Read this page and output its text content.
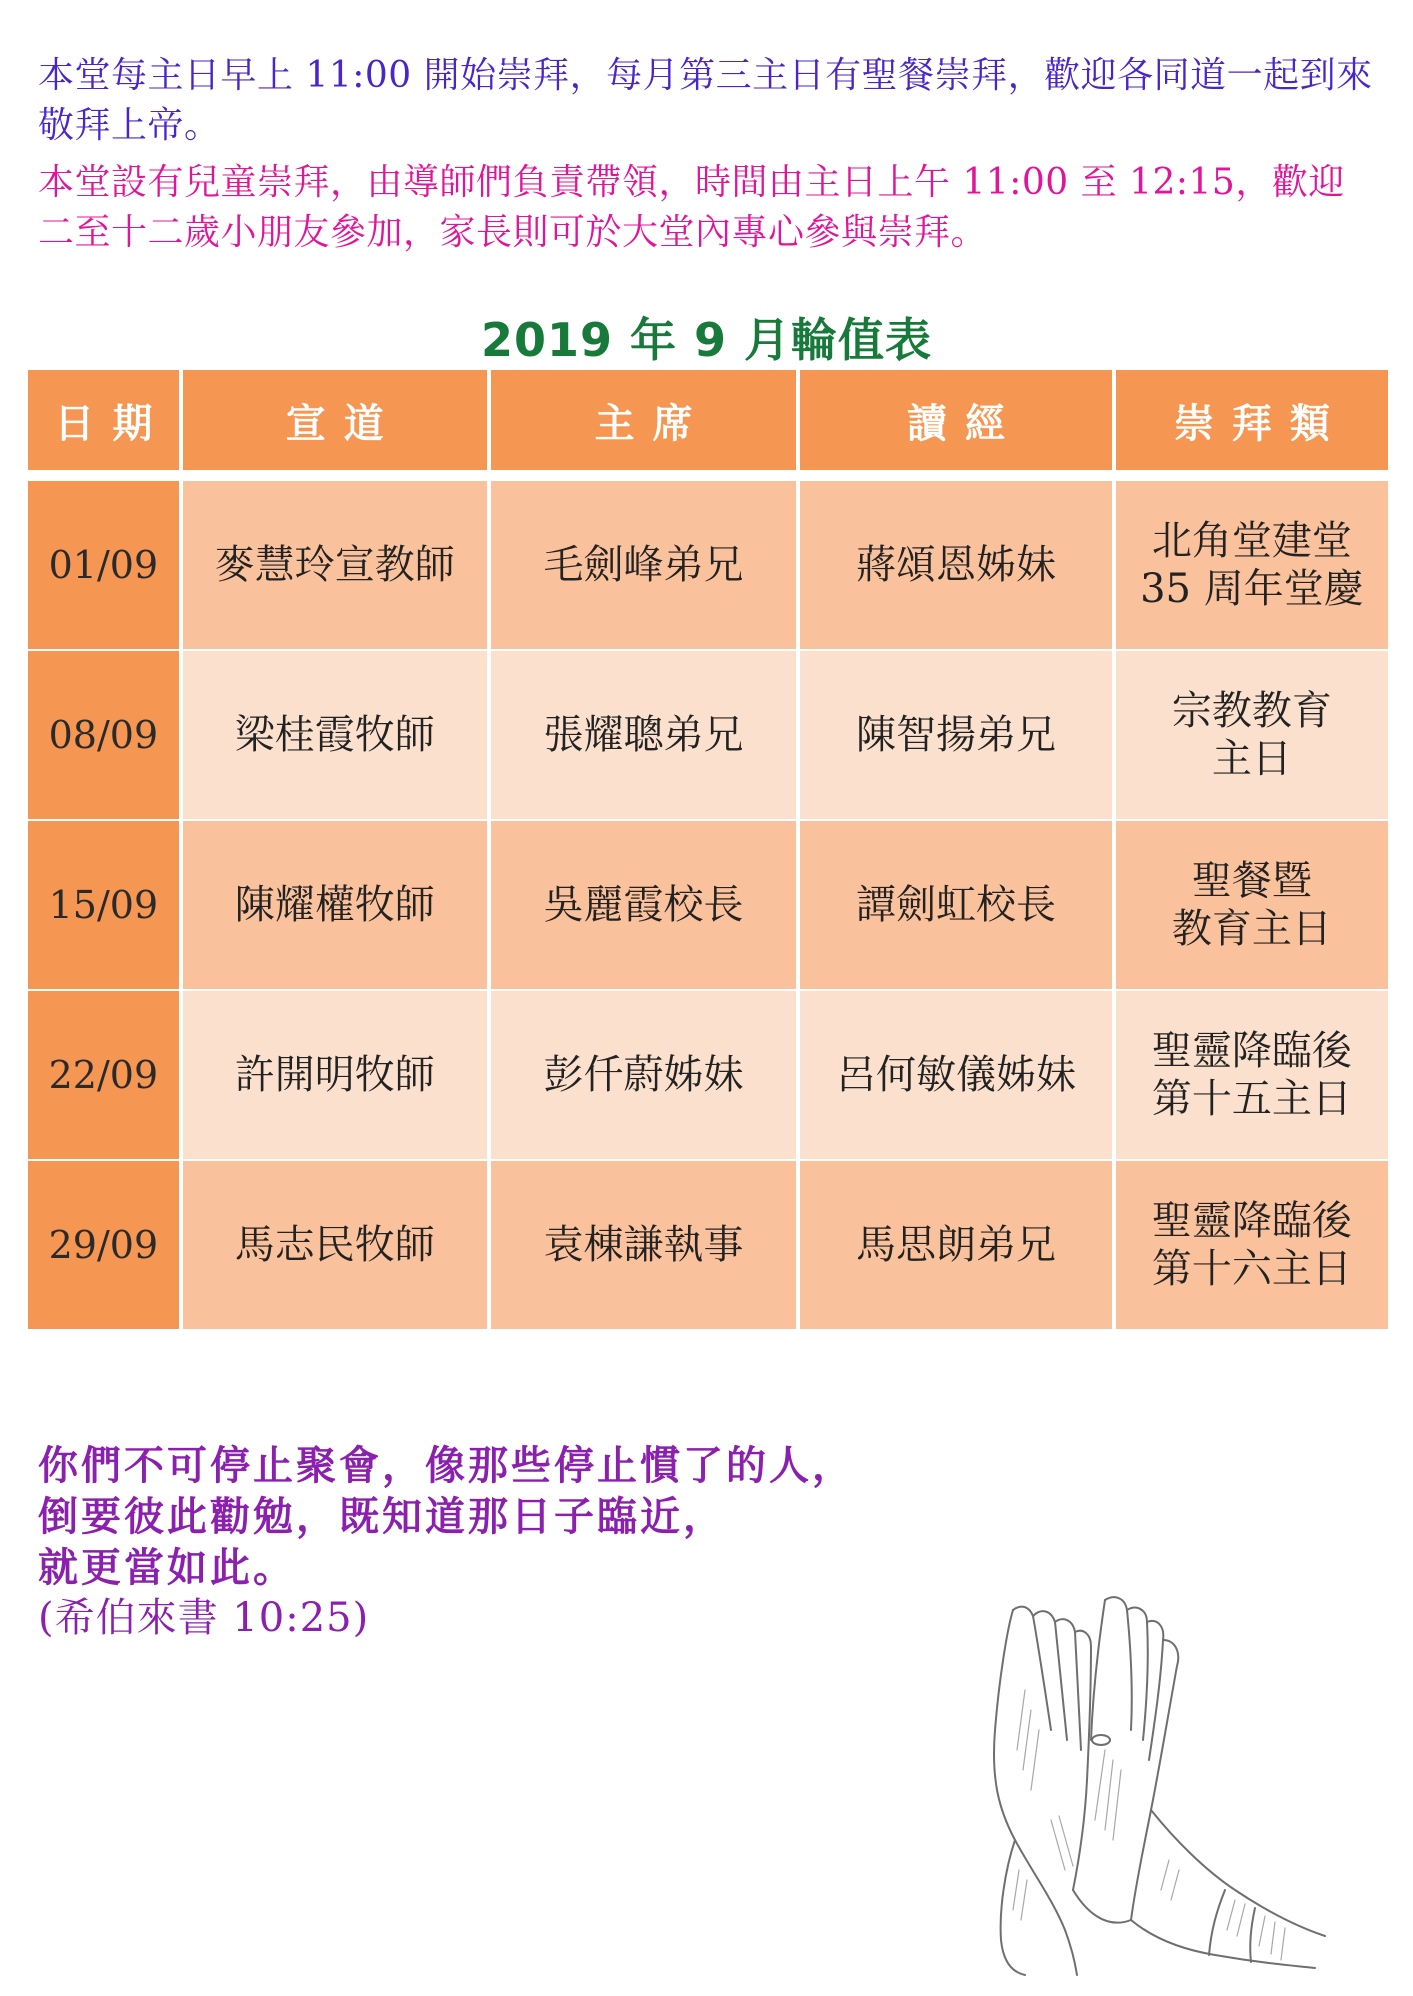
本堂每主日早上 11:00 開始崇拜，每月第三主日有聖餐崇拜，歡迎各同道一起到來敬拜上帝。
本堂設有兒童崇拜，由導師們負責帶領，時間由主日上午 11:00 至 12:15，歡迎二至十二歲小朋友參加，家長則可於大堂內專心參與崇拜。
2019 年 9 月輪值表
日期	宣道	主席	讀經	崇拜類
01/09	麥慧玲宣教師	毛劍峰弟兄	蔣頌恩姊妹	北角堂建堂
35 周年堂慶

08/09	梁桂霞牧師	張耀聰弟兄	陳智揚弟兄	宗教教育
主日

15/09	陳耀權牧師	吳麗霞校長	譚劍虹校長	聖餐暨
教育主日

22/09	許開明牧師	彭仟蔚姊妹	呂何敏儀姊妹	聖靈降臨後
第十五主日

29/09	馬志民牧師	袁棟謙執事	馬思朗弟兄	聖靈降臨後
第十六主日
你們不可停止聚會，像那些停止慣了的人，
倒要彼此勸勉，既知道那日子臨近，
就更當如此。
(希伯來書 10:25)
